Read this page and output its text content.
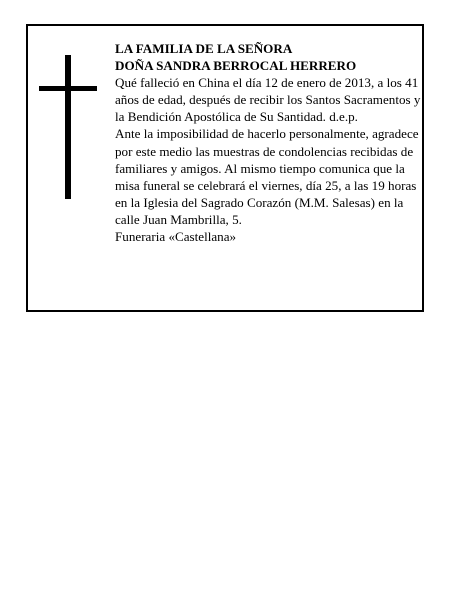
LA FAMILIA DE LA SEÑORA

DOÑA SANDRA BERROCAL HERRERO

Qué falleció en China el día 12 de enero de 2013, a los 41 años de edad, después de recibir los Santos Sacramentos y la Bendición Apostólica de Su Santidad. d.e.p.

Ante la imposibilidad de hacerlo personalmente, agradece por este medio las muestras de condolencias recibidas de familiares y amigos. Al mismo tiempo comunica que la misa funeral se celebrará el viernes, día 25, a las 19 horas en la Iglesia del Sagrado Corazón (M.M. Salesas) en la calle Juan Mambrilla, 5.

Funeraria «Castellana»
